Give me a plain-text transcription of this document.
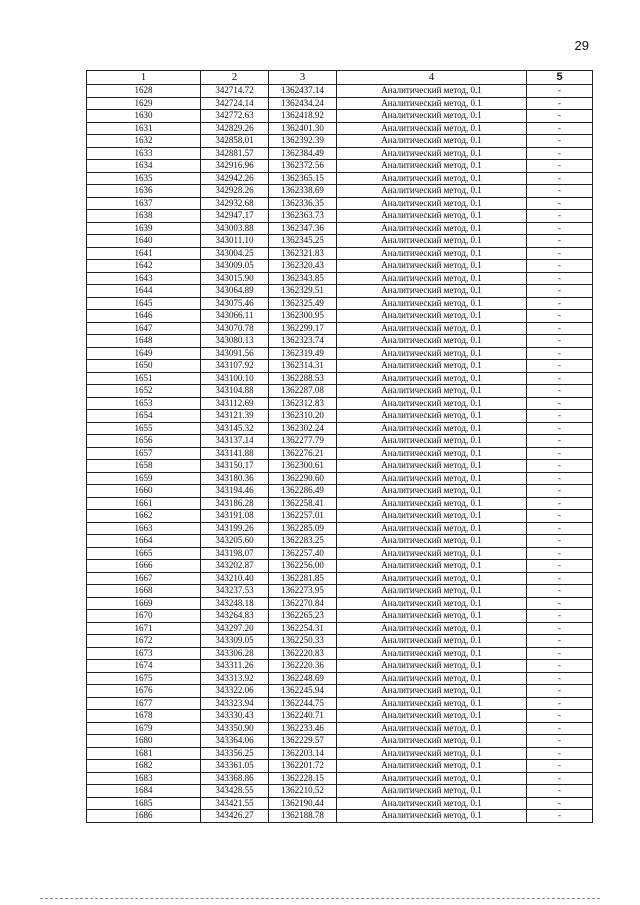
29
1	2	3	4	5
1628	342714.72	1362437.14	Аналитический метод, 0.1	-
1629	342724.14	1362434.24	Аналитический метод, 0.1	-
1630	342772.63	1362418.92	Аналитический метод, 0.1	-
1631	342829.26	1362401.30	Аналитический метод, 0.1	-
1632	342858.01	1362392.39	Аналитический метод, 0.1	-
1633	342881.57	1362384.49	Аналитический метод, 0.1	-
1634	342916.96	1362372.56	Аналитический метод, 0.1	-
1635	342942.26	1362365.15	Аналитический метод, 0.1	-
1636	342928.26	1362338.69	Аналитический метод, 0.1	-
1637	342932.68	1362336.35	Аналитический метод, 0.1	-
1638	342947.17	1362363.73	Аналитический метод, 0.1	-
1639	343003.88	1362347.36	Аналитический метод, 0.1	-
1640	343011.10	1362345.25	Аналитический метод, 0.1	-
1641	343004.25	1362321.83	Аналитический метод, 0.1	-
1642	343009.05	1362320.43	Аналитический метод, 0.1	-
1643	343015.90	1362343.85	Аналитический метод, 0.1	-
1644	343064.89	1362329.51	Аналитический метод, 0.1	-
1645	343075.46	1362325.49	Аналитический метод, 0.1	-
1646	343066.11	1362300.95	Аналитический метод, 0.1	-
1647	343070.78	1362299.17	Аналитический метод, 0.1	-
1648	343080.13	1362323.74	Аналитический метод, 0.1	-
1649	343091.56	1362319.49	Аналитический метод, 0.1	-
1650	343107.92	1362314.31	Аналитический метод, 0.1	-
1651	343100.10	1362288.53	Аналитический метод, 0.1	-
1652	343104.88	1362287.08	Аналитический метод, 0.1	-
1653	343112.69	1362312.83	Аналитический метод, 0.1	-
1654	343121.39	1362310.20	Аналитический метод, 0.1	-
1655	343145.32	1362302.24	Аналитический метод, 0.1	-
1656	343137.14	1362277.79	Аналитический метод, 0.1	-
1657	343141.88	1362276.21	Аналитический метод, 0.1	-
1658	343150.17	1362300.61	Аналитический метод, 0.1	-
1659	343180.36	1362290.60	Аналитический метод, 0.1	-
1660	343194.46	1362286.49	Аналитический метод, 0.1	-
1661	343186.28	1362258.41	Аналитический метод, 0.1	-
1662	343191.08	1362257.01	Аналитический метод, 0.1	-
1663	343199.26	1362285.09	Аналитический метод, 0.1	-
1664	343205.60	1362283.25	Аналитический метод, 0.1	-
1665	343198.07	1362257.40	Аналитический метод, 0.1	-
1666	343202.87	1362256.00	Аналитический метод, 0.1	-
1667	343210.40	1362281.85	Аналитический метод, 0.1	-
1668	343237.53	1362273.95	Аналитический метод, 0.1	-
1669	343248.18	1362270.84	Аналитический метод, 0.1	-
1670	343264.83	1362265.23	Аналитический метод, 0.1	-
1671	343297.20	1362254.31	Аналитический метод, 0.1	-
1672	343309.05	1362250.33	Аналитический метод, 0.1	-
1673	343306.28	1362220.83	Аналитический метод, 0.1	-
1674	343311.26	1362220.36	Аналитический метод, 0.1	-
1675	343313.92	1362248.69	Аналитический метод, 0.1	-
1676	343322.06	1362245.94	Аналитический метод, 0.1	-
1677	343323.94	1362244.75	Аналитический метод, 0.1	-
1678	343330.43	1362240.71	Аналитический метод, 0.1	-
1679	343350.90	1362233.46	Аналитический метод, 0.1	-
1680	343364.06	1362229.57	Аналитический метод, 0.1	-
1681	343356.25	1362203.14	Аналитический метод, 0.1	-
1682	343361.05	1362201.72	Аналитический метод, 0.1	-
1683	343368.86	1362228.15	Аналитический метод, 0.1	-
1684	343428.55	1362210.52	Аналитический метод, 0.1	-
1685	343421.55	1362190.44	Аналитический метод, 0.1	-
1686	343426.27	1362188.78	Аналитический метод, 0.1	-
